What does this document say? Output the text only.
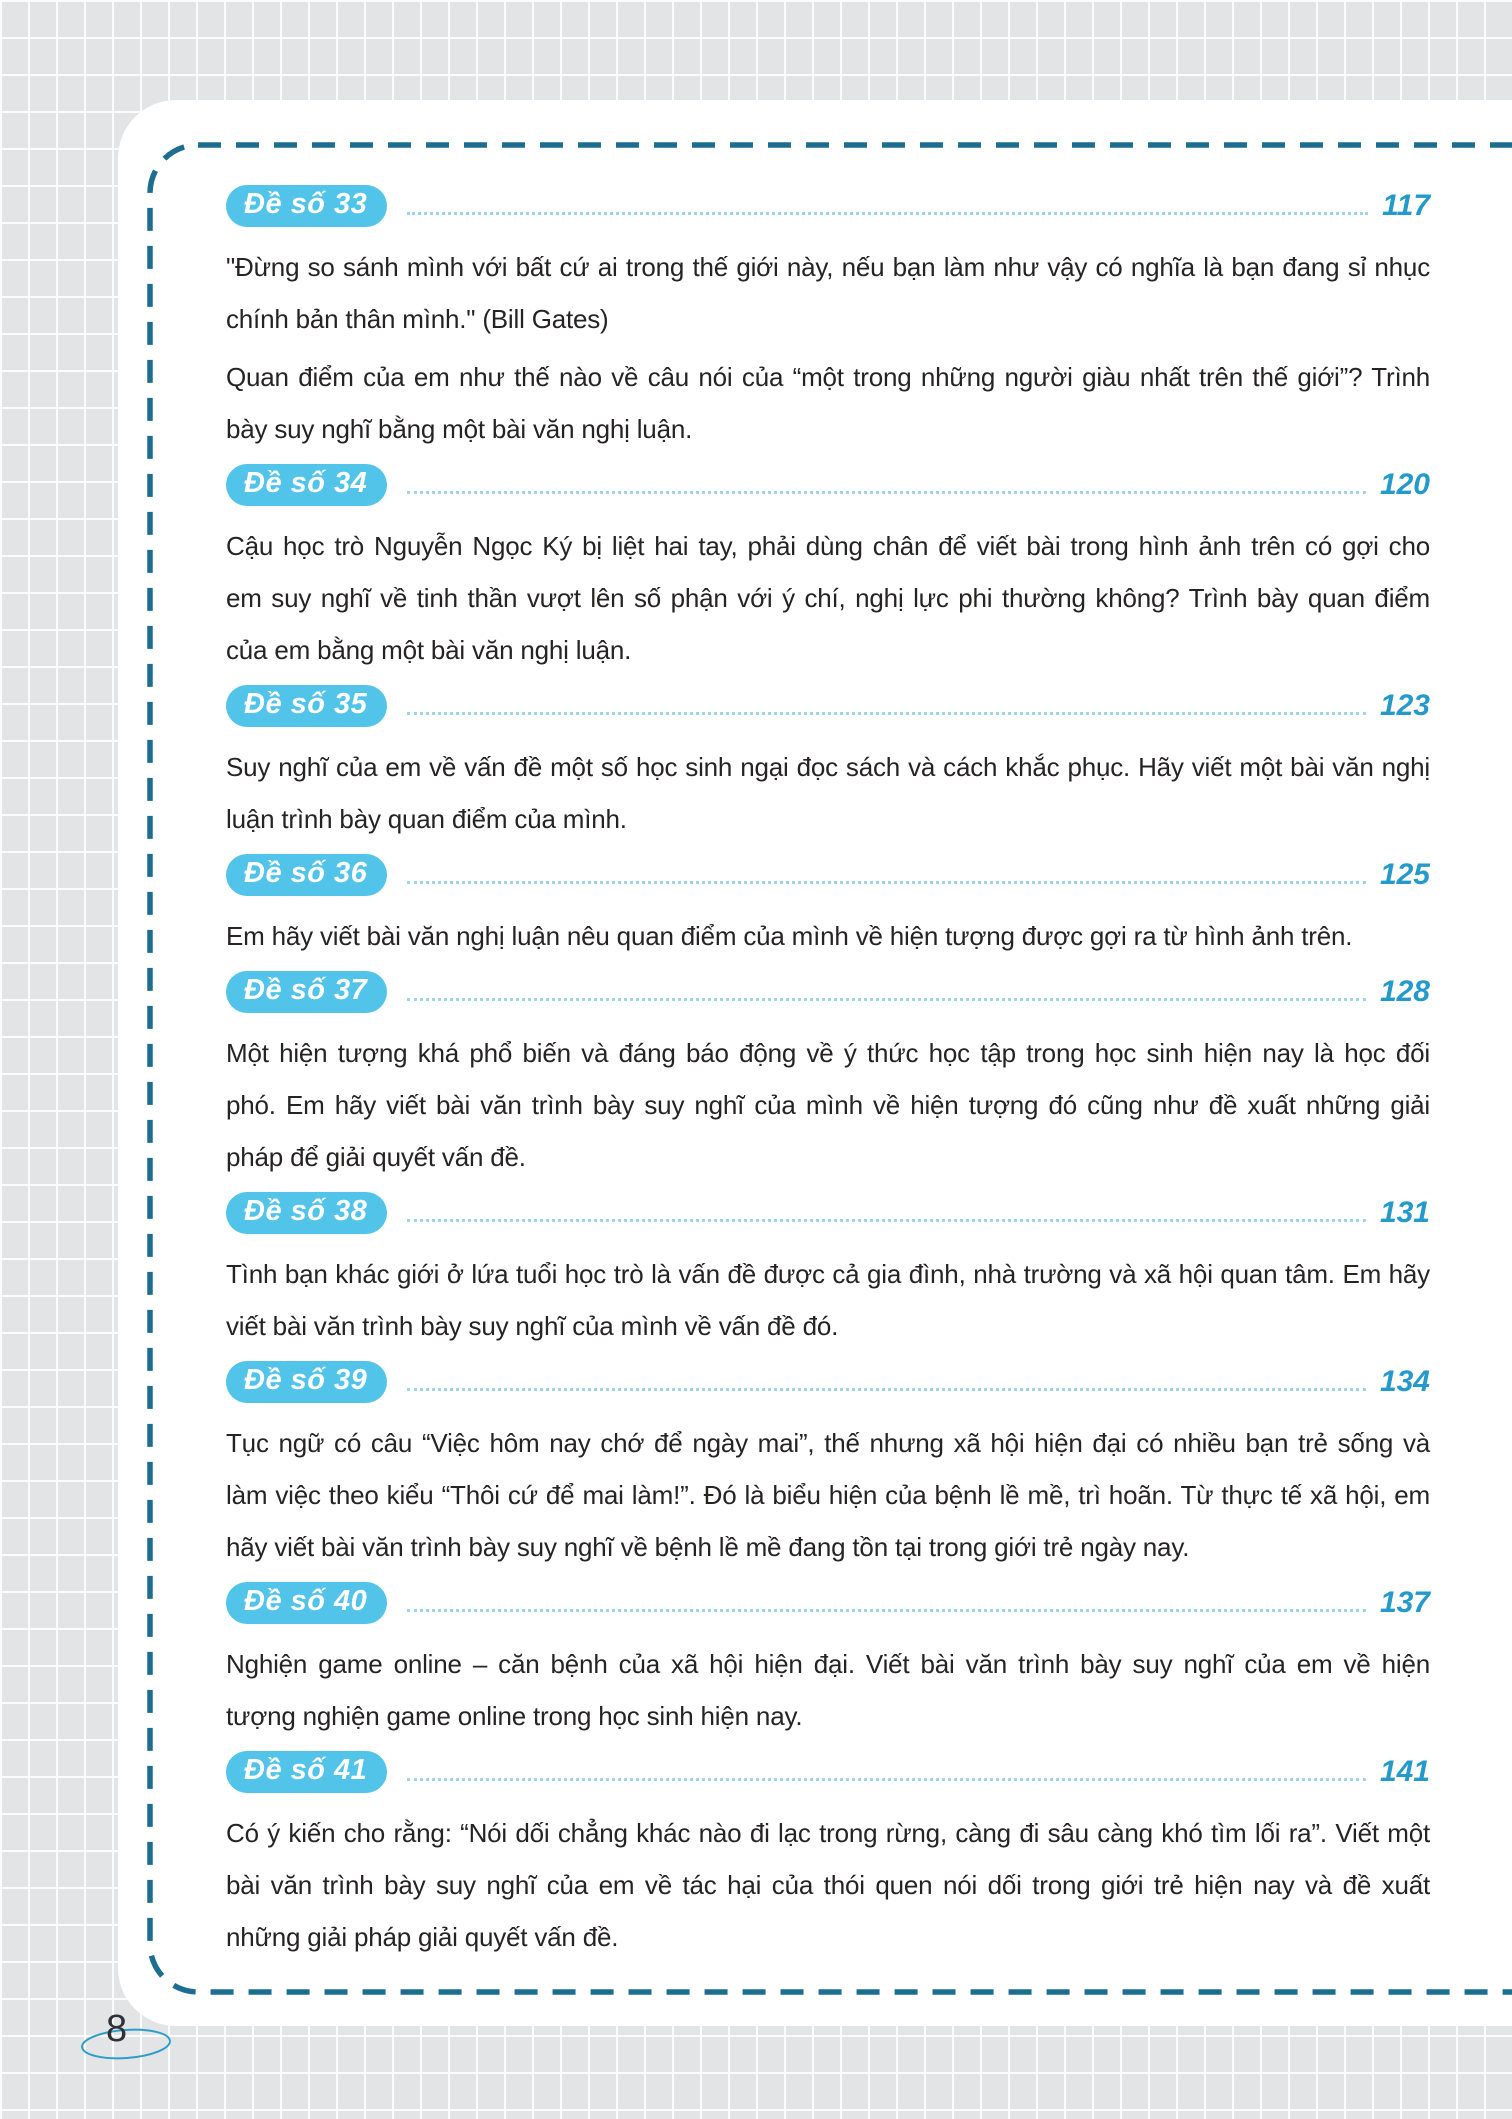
Đề số 33	117
"Đừng so sánh mình với bất cứ ai trong thế giới này, nếu bạn làm như vậy có nghĩa là bạn đang sỉ nhục
chính bản thân mình." (Bill Gates)
Quan điểm của em như thế nào về câu nói của “một trong những người giàu nhất trên thế giới”? Trình
bày suy nghĩ bằng một bài văn nghị luận.
Đề số 34	120
Cậu học trò Nguyễn Ngọc Ký bị liệt hai tay, phải dùng chân để viết bài trong hình ảnh trên có gợi cho
em suy nghĩ về tinh thần vượt lên số phận với ý chí, nghị lực phi thường không? Trình bày quan điểm
của em bằng một bài văn nghị luận.
Đề số 35	123
Suy nghĩ của em về vấn đề một số học sinh ngại đọc sách và cách khắc phục. Hãy viết một bài văn nghị
luận trình bày quan điểm của mình.
Đề số 36	125
Em hãy viết bài văn nghị luận nêu quan điểm của mình về hiện tượng được gợi ra từ hình ảnh trên.
Đề số 37	128
Một hiện tượng khá phổ biến và đáng báo động về ý thức học tập trong học sinh hiện nay là học đối
phó. Em hãy viết bài văn trình bày suy nghĩ của mình về hiện tượng đó cũng như đề xuất những giải
pháp để giải quyết vấn đề.
Đề số 38	131
Tình bạn khác giới ở lứa tuổi học trò là vấn đề được cả gia đình, nhà trường và xã hội quan tâm. Em hãy
viết bài văn trình bày suy nghĩ của mình về vấn đề đó.
Đề số 39	134
Tục ngữ có câu “Việc hôm nay chớ để ngày mai”, thế nhưng xã hội hiện đại có nhiều bạn trẻ sống và
làm việc theo kiểu “Thôi cứ để mai làm!”. Đó là biểu hiện của bệnh lề mề, trì hoãn. Từ thực tế xã hội, em
hãy viết bài văn trình bày suy nghĩ về bệnh lề mề đang tồn tại trong giới trẻ ngày nay.
Đề số 40	137
Nghiện game online – căn bệnh của xã hội hiện đại. Viết bài văn trình bày suy nghĩ của em về hiện
tượng nghiện game online trong học sinh hiện nay.
Đề số 41	141
Có ý kiến cho rằng: “Nói dối chẳng khác nào đi lạc trong rừng, càng đi sâu càng khó tìm lối ra”. Viết một
bài văn trình bày suy nghĩ của em về tác hại của thói quen nói dối trong giới trẻ hiện nay và đề xuất
những giải pháp giải quyết vấn đề.
8
